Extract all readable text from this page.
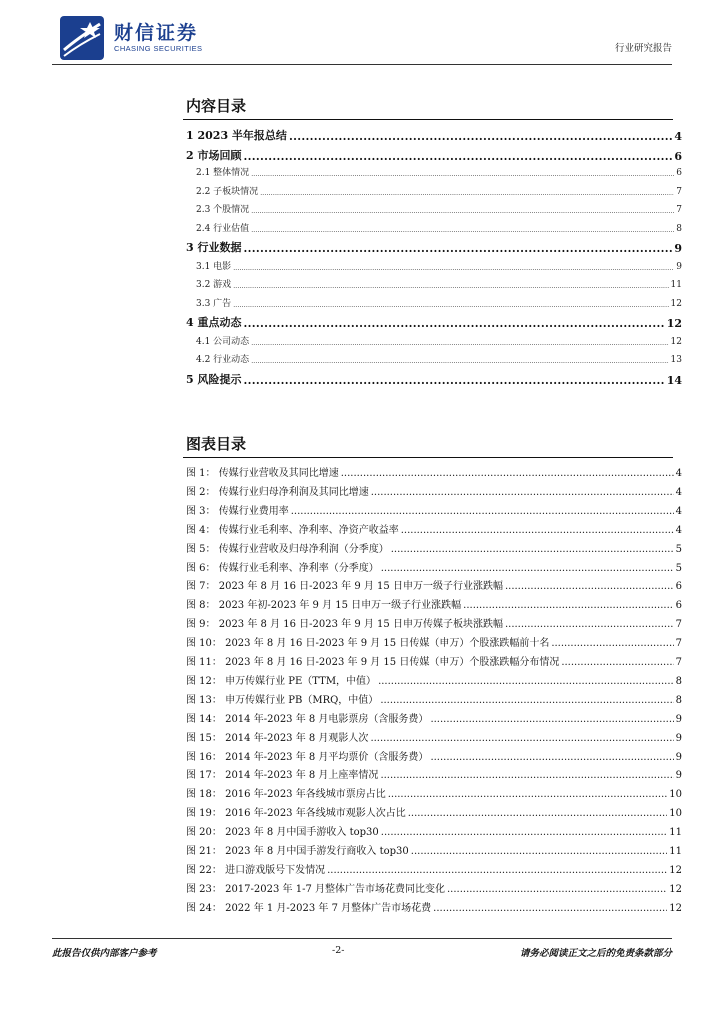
财信证券
CHASING SECURITIES	行业研究报告
内容目录
1 2023 半年报总结 .....	4
2 市场回顾 .....	6
2.1 整体情况 .....	6
2.2 子板块情况 .....	7
2.3 个股情况 .....	7
2.4 行业估值 .....	8
3 行业数据 .....	9
3.1 电影 .....	9
3.2 游戏 .....	11
3.3 广告 .....	12
4 重点动态 .....	12
4.1 公司动态 .....	12
4.2 行业动态 .....	13
5 风险提示 .....	14
图表目录
图 1： 传媒行业营收及其同比增速 .....	4
图 2： 传媒行业归母净利润及其同比增速 .....	4
图 3： 传媒行业费用率 .....	4
图 4： 传媒行业毛利率、净利率、净资产收益率 .....	4
图 5： 传媒行业营收及归母净利润（分季度） .....	5
图 6： 传媒行业毛利率、净利率（分季度） .....	5
图 7： 2023 年 8 月 16 日-2023 年 9 月 15 日申万一级子行业涨跌幅 .....	6
图 8： 2023 年初-2023 年 9 月 15 日申万一级子行业涨跌幅 .....	6
图 9： 2023 年 8 月 16 日-2023 年 9 月 15 日申万传媒子板块涨跌幅 .....	7
图 10： 2023 年 8 月 16 日-2023 年 9 月 15 日传媒（申万）个股涨跌幅前十名 .....	7
图 11： 2023 年 8 月 16 日-2023 年 9 月 15 日传媒（申万）个股涨跌幅分布情况 .....	7
图 12： 申万传媒行业 PE（TTM，中值） .....	8
图 13： 申万传媒行业 PB（MRQ，中值） .....	8
图 14： 2014 年-2023 年 8 月电影票房（含服务费） .....	9
图 15： 2014 年-2023 年 8 月观影人次 .....	9
图 16： 2014 年-2023 年 8 月平均票价（含服务费） .....	9
图 17： 2014 年-2023 年 8 月上座率情况 .....	9
图 18： 2016 年-2023 年各线城市票房占比 .....	10
图 19： 2016 年-2023 年各线城市观影人次占比 .....	10
图 20： 2023 年 8 月中国手游收入 top30 .....	11
图 21： 2023 年 8 月中国手游发行商收入 top30 .....	11
图 22： 进口游戏版号下发情况 .....	12
图 23： 2017-2023 年 1-7 月整体广告市场花费同比变化 .....	12
图 24： 2022 年 1 月-2023 年 7 月整体广告市场花费 .....	12
此报告仅供内部客户参考	-2-	请务必阅读正文之后的免责条款部分
